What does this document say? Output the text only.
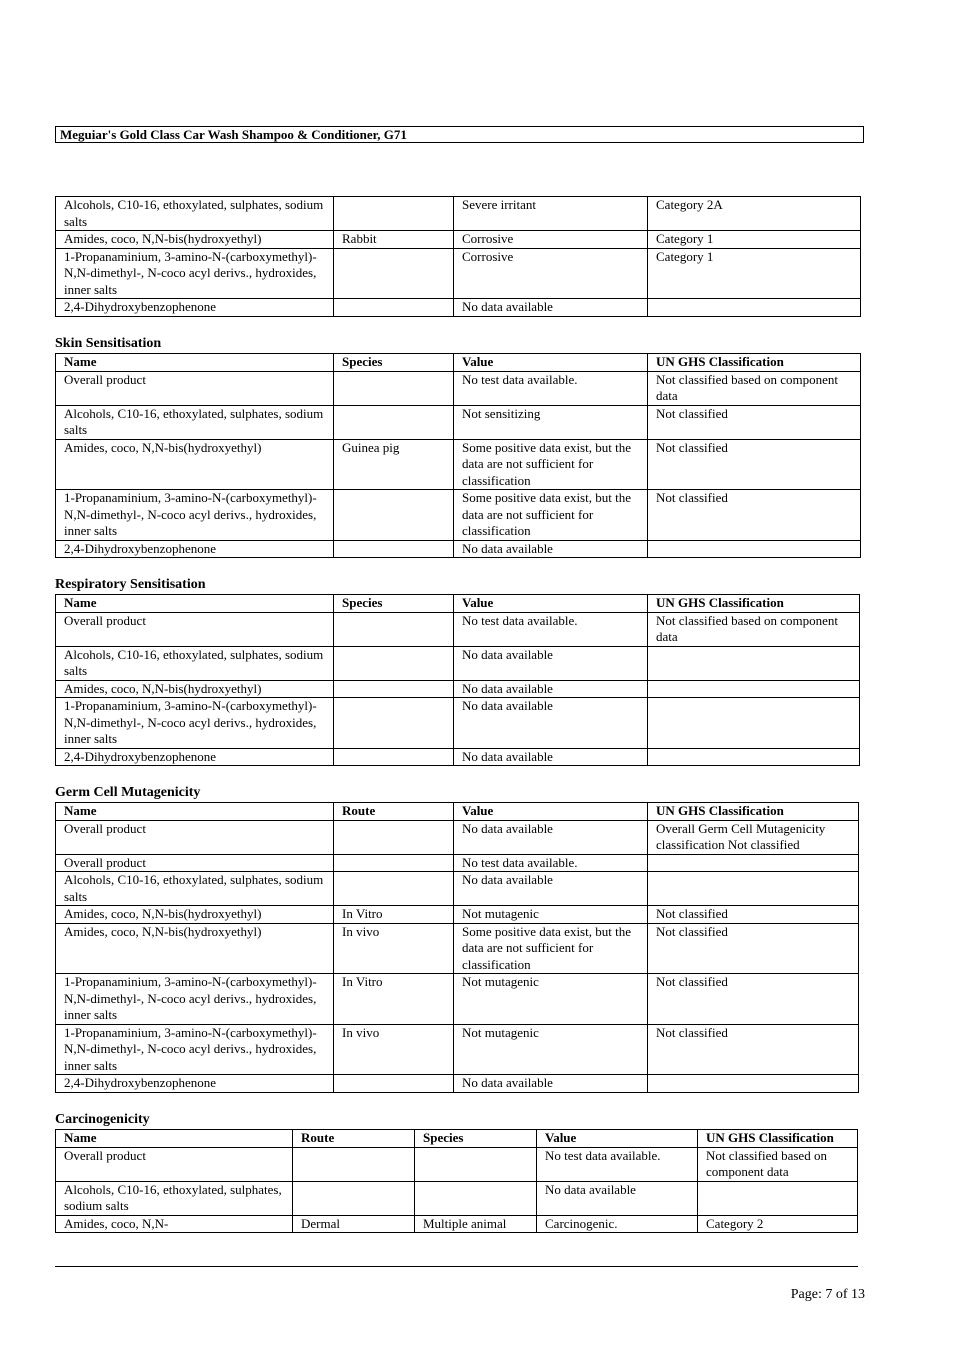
Meguiar's Gold Class Car Wash Shampoo & Conditioner, G71
Alcohols, C10-16, ethoxylated, sulphates, sodium salts		Severe irritant	Category 2A
Amides, coco, N,N-bis(hydroxyethyl)	Rabbit	Corrosive	Category 1
1-Propanaminium, 3-amino-N-(carboxymethyl)-N,N-dimethyl-, N-coco acyl derivs., hydroxides, inner salts		Corrosive	Category 1
2,4-Dihydroxybenzophenone		No data available	
Skin Sensitisation
Name	Species	Value	UN GHS Classification
Overall product		No test data available.	Not classified based on component data
Alcohols, C10-16, ethoxylated, sulphates, sodium salts		Not sensitizing	Not classified
Amides, coco, N,N-bis(hydroxyethyl)	Guinea pig	Some positive data exist, but the data are not sufficient for classification	Not classified
1-Propanaminium, 3-amino-N-(carboxymethyl)-N,N-dimethyl-, N-coco acyl derivs., hydroxides, inner salts		Some positive data exist, but the data are not sufficient for classification	Not classified
2,4-Dihydroxybenzophenone		No data available	
Respiratory Sensitisation
Name	Species	Value	UN GHS Classification
Overall product		No test data available.	Not classified based on component data
Alcohols, C10-16, ethoxylated, sulphates, sodium salts		No data available	
Amides, coco, N,N-bis(hydroxyethyl)		No data available	
1-Propanaminium, 3-amino-N-(carboxymethyl)-N,N-dimethyl-, N-coco acyl derivs., hydroxides, inner salts		No data available	
2,4-Dihydroxybenzophenone		No data available	
Germ Cell Mutagenicity
Name	Route	Value	UN GHS Classification
Overall product		No data available	Overall Germ Cell Mutagenicity classification Not classified
Overall product		No test data available.	
Alcohols, C10-16, ethoxylated, sulphates, sodium salts		No data available	
Amides, coco, N,N-bis(hydroxyethyl)	In Vitro	Not mutagenic	Not classified
Amides, coco, N,N-bis(hydroxyethyl)	In vivo	Some positive data exist, but the data are not sufficient for classification	Not classified
1-Propanaminium, 3-amino-N-(carboxymethyl)-N,N-dimethyl-, N-coco acyl derivs., hydroxides, inner salts	In Vitro	Not mutagenic	Not classified
1-Propanaminium, 3-amino-N-(carboxymethyl)-N,N-dimethyl-, N-coco acyl derivs., hydroxides, inner salts	In vivo	Not mutagenic	Not classified
2,4-Dihydroxybenzophenone		No data available	
Carcinogenicity
Name	Route	Species	Value	UN GHS Classification
Overall product			No test data available.	Not classified based on component data
Alcohols, C10-16, ethoxylated, sulphates, sodium salts			No data available	
Amides, coco, N,N-	Dermal	Multiple animal	Carcinogenic.	Category 2
Page: 7 of 13
